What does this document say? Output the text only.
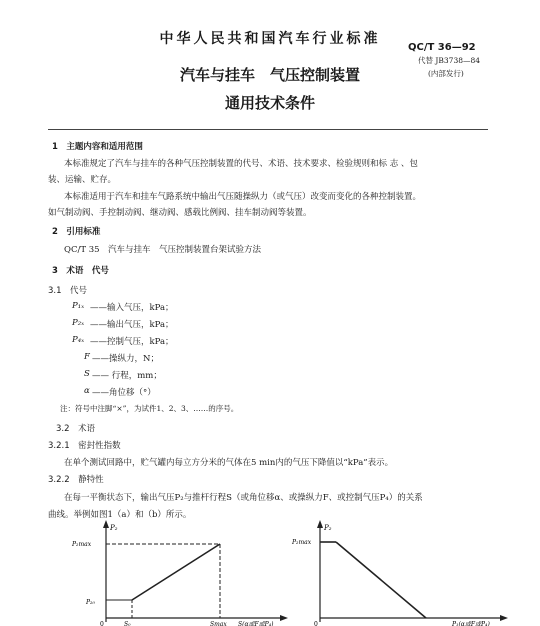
中华人民共和国汽车行业标准
QC/T 36—92
代替 JB3738—84
(内部发行)
汽车与挂车　气压控制装置
通用技术条件
1　主题内容和适用范围
本标准规定了汽车与挂车的各种气压控制装置的代号、术语、技术要求、检验规则和标 志 、包
装、运输、贮存。
本标准适用于汽车和挂车气路系统中输出气压随操纵力（或气压）改变而变化的各种控制装置。
如气制动阀、手控制动阀、继动阀、感载比例阀、挂车制动阀等装置。
2　引用标准
QC/T 35　汽车与挂车　气压控制装置台架试验方法
3　术语　代号
3.1　代号
P₁ₓ ——输入气压，kPa；
P₂ₓ ——输出气压，kPa；
P₄ₓ ——控制气压，kPa；
F ——操纵力，N；
S —— 行程，mm；
α ——角位移（°）
注：符号中注脚“×”，为试件1、2、3、……的序号。
3.2　术语
3.2.1　密封性指数
在单个测试回路中，贮气罐内每立方分米的气体在5 min内的气压下降值以“kPa”表示。
3.2.2　静特性
在每一平衡状态下，输出气压P₂与推杆行程S（或角位移α、或操纵力F、或控制气压P₄）的关系
曲线。举例如图1（a）和（b）所示。
P₂
P₂max
P₂₀
0	S₀	Smax S(α或F或P₄)
P₂
P₂max
0	P₁(α或F或P₄)
